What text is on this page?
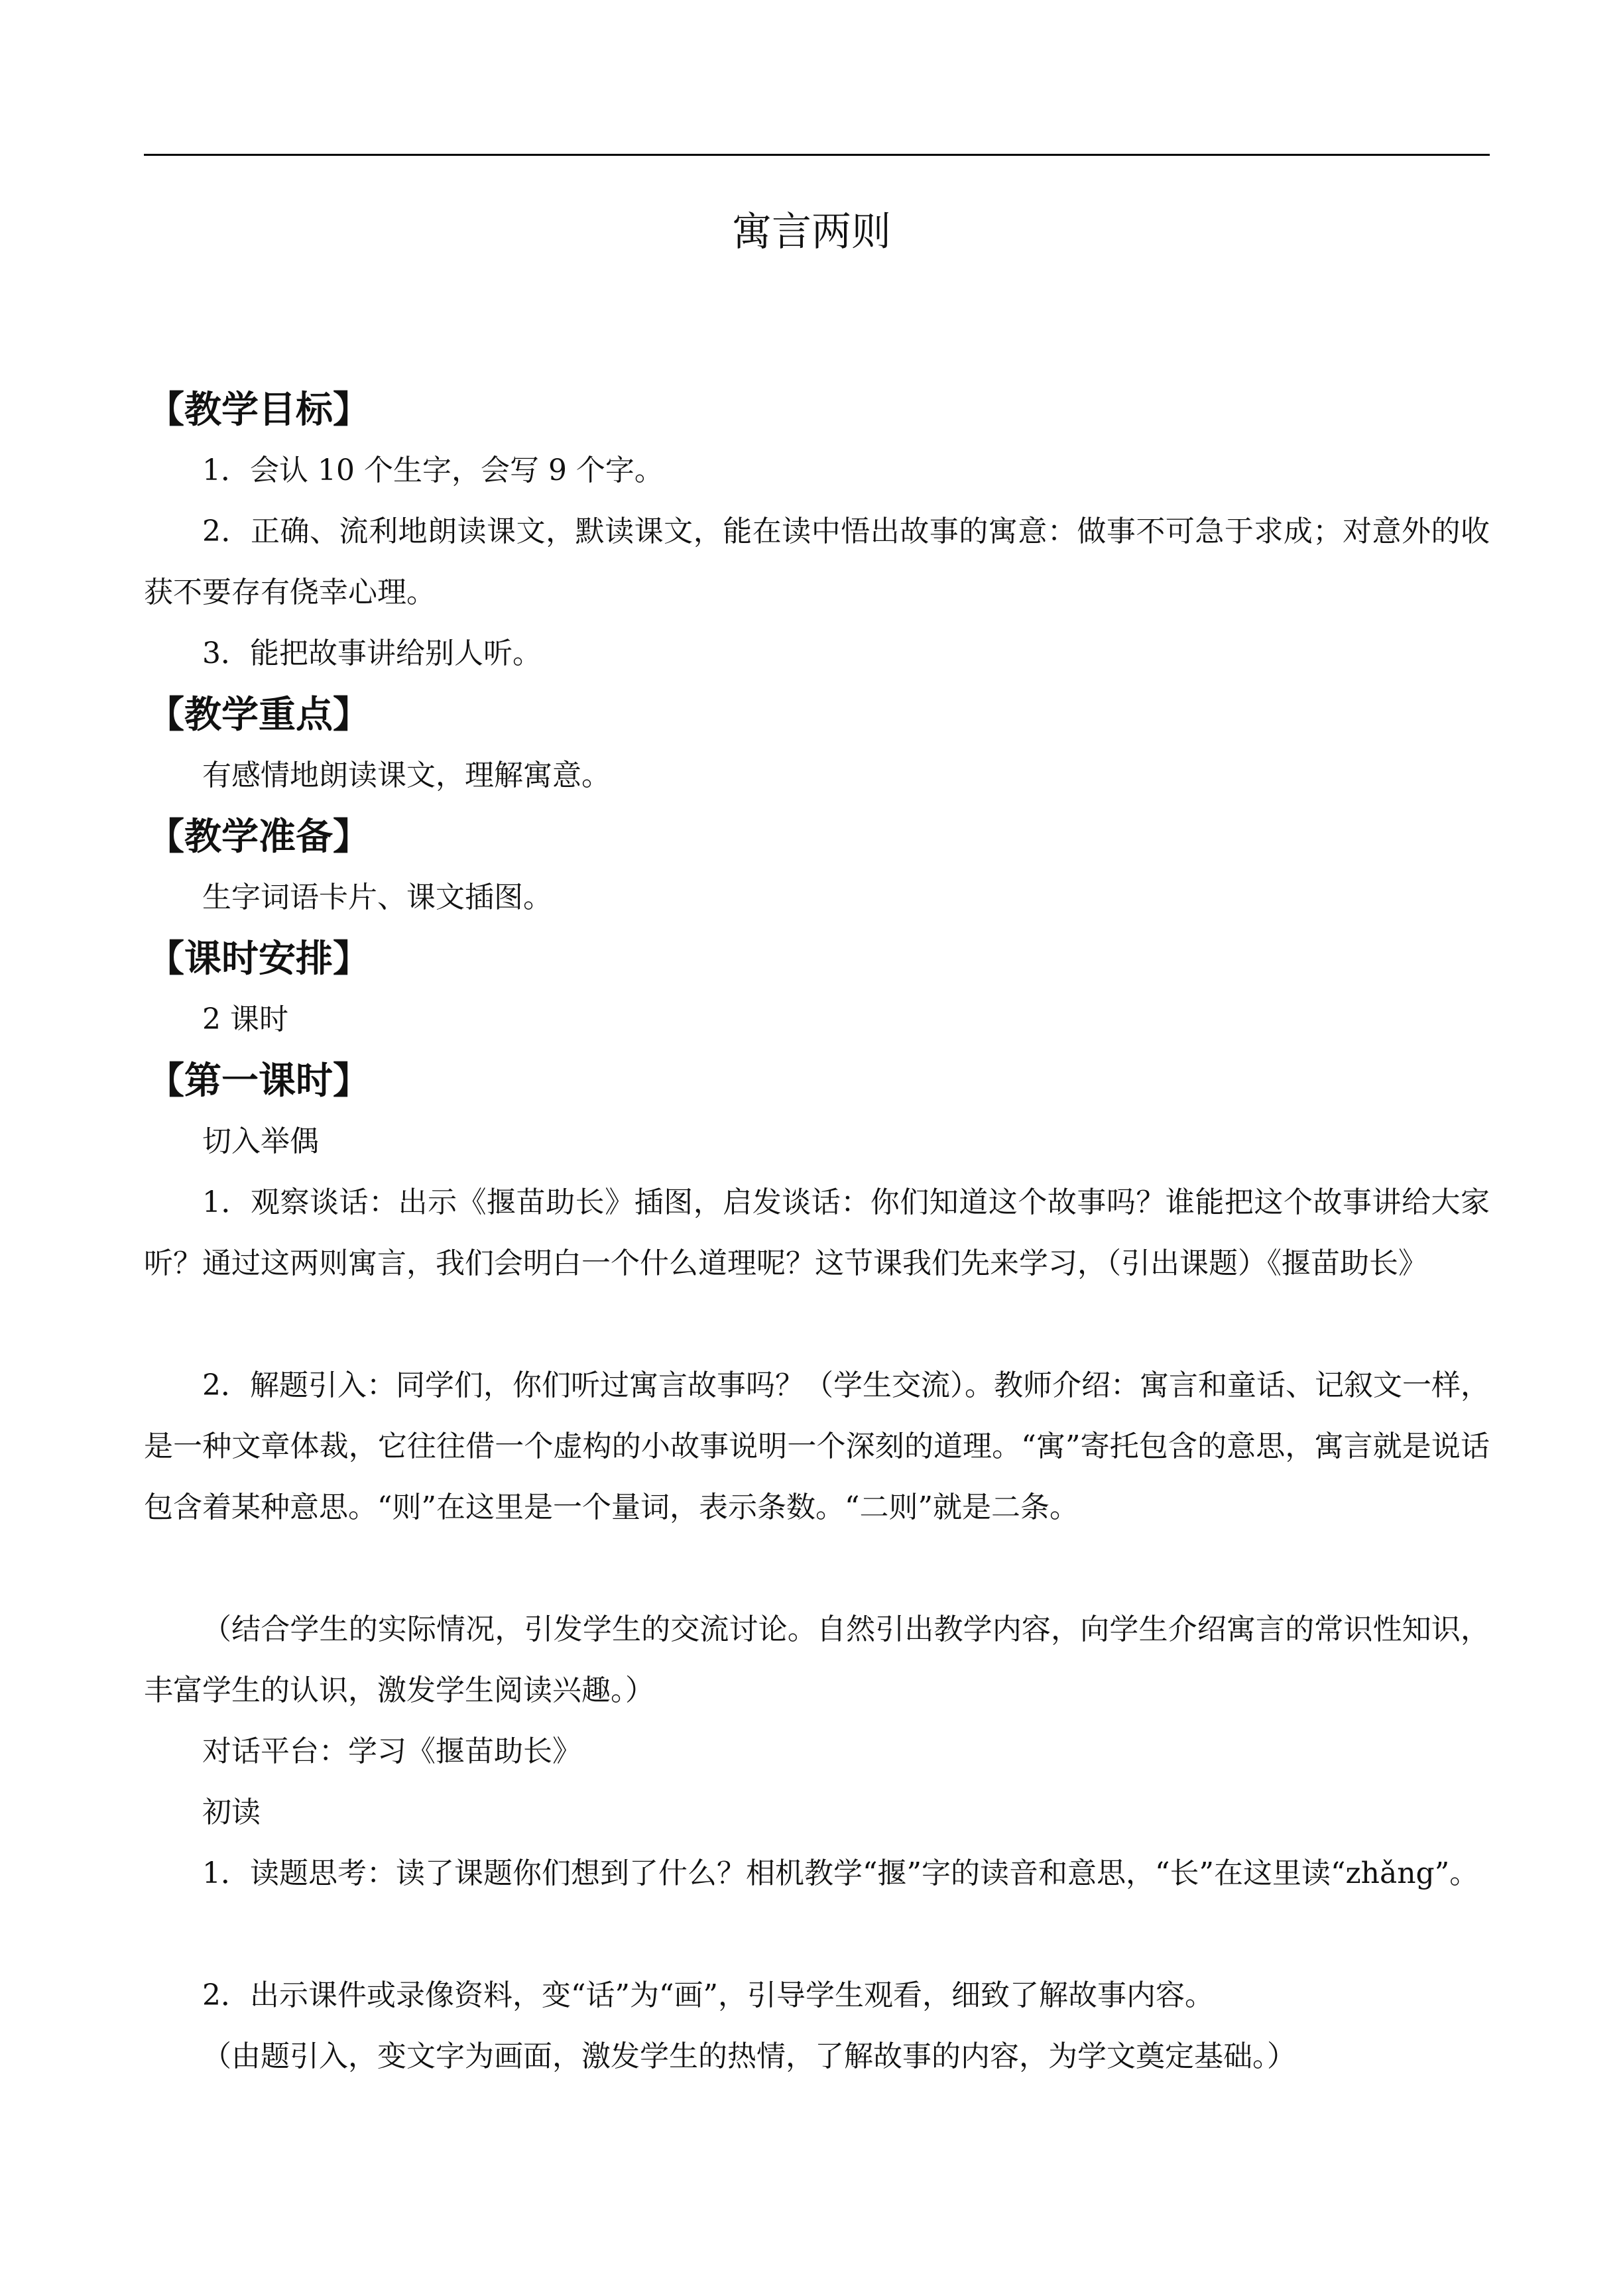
寓言两则
【教学目标】

1．会认 10 个生字，会写 9 个字。

2．正确、流利地朗读课文，默读课文，能在读中悟出故事的寓意：做事不可急于求成；对意外的收获不要存有侥幸心理。

3．能把故事讲给别人听。

【教学重点】

有感情地朗读课文，理解寓意。

【教学准备】

生字词语卡片、课文插图。

【课时安排】

2 课时

【第一课时】

切入举偶

1．观察谈话：出示《揠苗助长》插图，启发谈话：你们知道这个故事吗？谁能把这个故事讲给大家听？通过这两则寓言，我们会明白一个什么道理呢？这节课我们先来学习，（引出课题）《揠苗助长》

2．解题引入：同学们，你们听过寓言故事吗？（学生交流）。教师介绍：寓言和童话、记叙文一样，是一种文章体裁，它往往借一个虚构的小故事说明一个深刻的道理。“寓”寄托包含的意思，寓言就是说话包含着某种意思。“则”在这里是一个量词，表示条数。“二则”就是二条。

（结合学生的实际情况，引发学生的交流讨论。自然引出教学内容，向学生介绍寓言的常识性知识，丰富学生的认识，激发学生阅读兴趣。）

对话平台：学习《揠苗助长》

初读

1．读题思考：读了课题你们想到了什么？相机教学“揠”字的读音和意思，“长”在这里读“zhǎng”。

2．出示课件或录像资料，变“话”为“画”，引导学生观看，细致了解故事内容。

（由题引入，变文字为画面，激发学生的热情，了解故事的内容，为学文奠定基础。）
